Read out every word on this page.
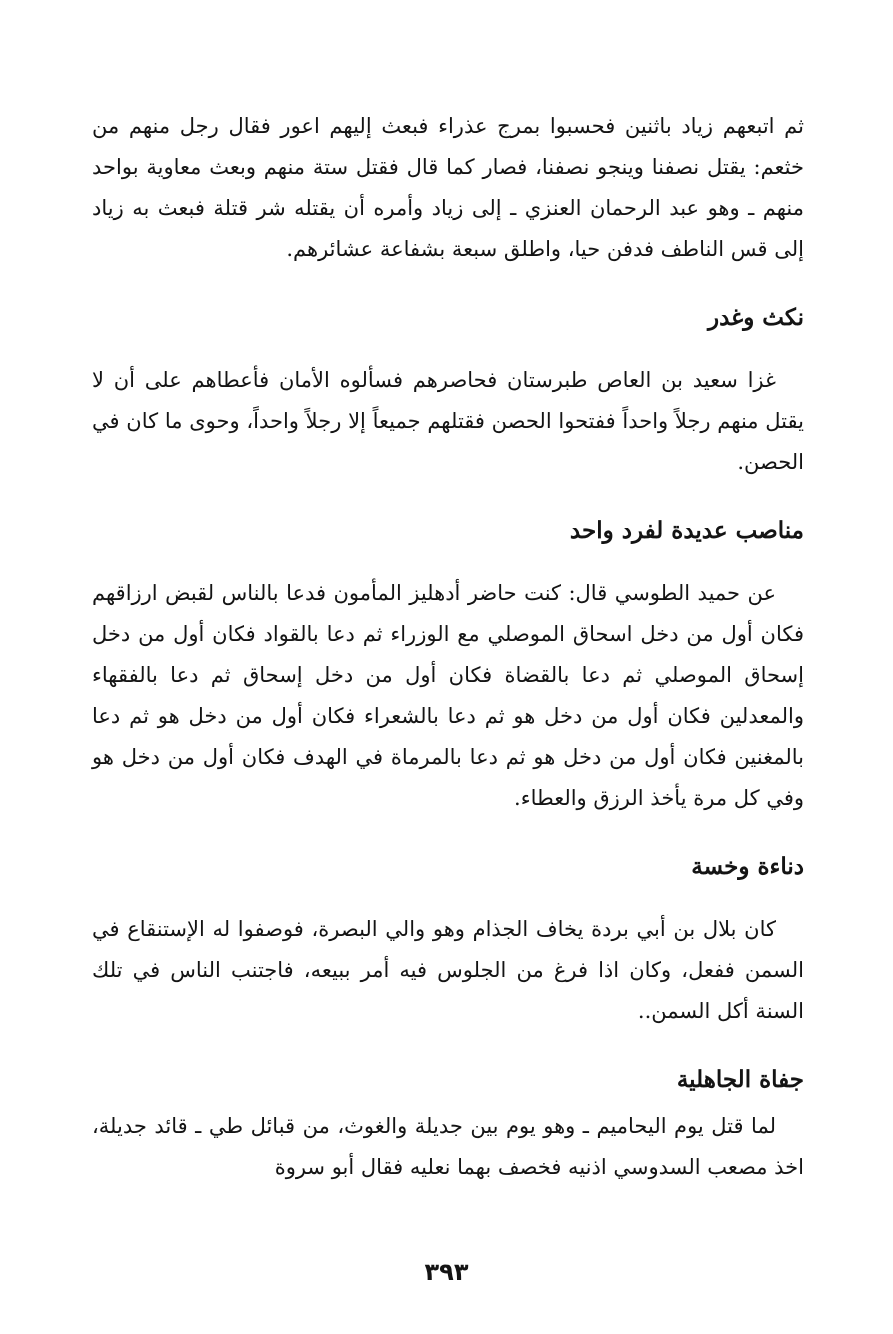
ثم اتبعهم زياد باثنين فحسبوا بمرج عذراء فبعث إليهم اعور فقال رجل منهم من خثعم: يقتل نصفنا وينجو نصفنا، فصار كما قال فقتل ستة منهم وبعث معاوية بواحد منهم ـ وهو عبد الرحمان العنزي ـ إلى زياد وأمره أن يقتله شر قتلة فبعث به زياد إلى قس الناطف فدفن حيا، واطلق سبعة بشفاعة عشائرهم.

نكث وغدر

غزا سعيد بن العاص طبرستان فحاصرهم فسألوه الأمان فأعطاهم على أن لا يقتل منهم رجلاً واحداً ففتحوا الحصن فقتلهم جميعاً إلا رجلاً واحداً، وحوى ما كان في الحصن.

مناصب عديدة لفرد واحد

عن حميد الطوسي قال: كنت حاضر أدهليز المأمون فدعا بالناس لقبض ارزاقهم فكان أول من دخل اسحاق الموصلي مع الوزراء ثم دعا بالقواد فكان أول من دخل إسحاق الموصلي ثم دعا بالقضاة فكان أول من دخل إسحاق ثم دعا بالفقهاء والمعدلين فكان أول من دخل هو ثم دعا بالشعراء فكان أول من دخل هو ثم دعا بالمغنين فكان أول من دخل هو ثم دعا بالمرماة في الهدف فكان أول من دخل هو وفي كل مرة يأخذ الرزق والعطاء.

دناءة وخسة

كان بلال بن أبي بردة يخاف الجذام وهو والي البصرة، فوصفوا له الإستنقاع في السمن ففعل، وكان اذا فرغ من الجلوس فيه أمر ببيعه، فاجتنب الناس في تلك السنة أكل السمن..

جفاة الجاهلية

لما قتل يوم اليحاميم ـ وهو يوم بين جديلة والغوث، من قبائل طي ـ قائد جديلة، اخذ مصعب السدوسي اذنيه فخصف بهما نعليه فقال أبو سروة

٣٩٣
